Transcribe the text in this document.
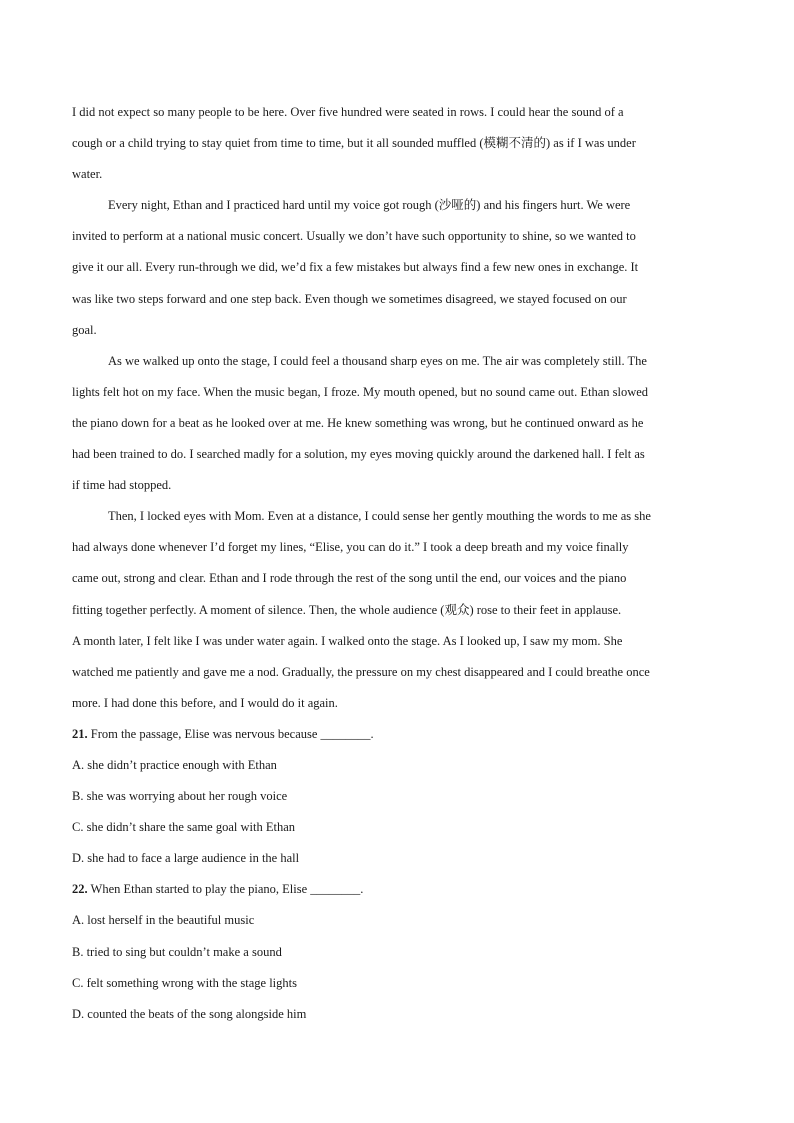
I did not expect so many people to be here. Over five hundred were seated in rows. I could hear the sound of a
cough or a child trying to stay quiet from time to time, but it all sounded muffled (模糊不清的) as if I was under
water.
Every night, Ethan and I practiced hard until my voice got rough (沙哑的) and his fingers hurt. We were
invited to perform at a national music concert. Usually we don’t have such opportunity to shine, so we wanted to
give it our all. Every run-through we did, we’d fix a few mistakes but always find a few new ones in exchange. It
was like two steps forward and one step back. Even though we sometimes disagreed, we stayed focused on our
goal.
As we walked up onto the stage, I could feel a thousand sharp eyes on me. The air was completely still. The
lights felt hot on my face. When the music began, I froze. My mouth opened, but no sound came out. Ethan slowed
the piano down for a beat as he looked over at me. He knew something was wrong, but he continued onward as he
had been trained to do. I searched madly for a solution, my eyes moving quickly around the darkened hall. I felt as
if time had stopped.
Then, I locked eyes with Mom. Even at a distance, I could sense her gently mouthing the words to me as she
had always done whenever I’d forget my lines, “Elise, you can do it.” I took a deep breath and my voice finally
came out, strong and clear. Ethan and I rode through the rest of the song until the end, our voices and the piano
fitting together perfectly. A moment of silence. Then, the whole audience (观众) rose to their feet in applause.
A month later, I felt like I was under water again. I walked onto the stage. As I looked up, I saw my mom. She
watched me patiently and gave me a nod. Gradually, the pressure on my chest disappeared and I could breathe once
more. I had done this before, and I would do it again.
21. From the passage, Elise was nervous because ________.
A. she didn’t practice enough with Ethan
B. she was worrying about her rough voice
C. she didn’t share the same goal with Ethan
D. she had to face a large audience in the hall
22. When Ethan started to play the piano, Elise ________.
A. lost herself in the beautiful music
B. tried to sing but couldn’t make a sound
C. felt something wrong with the stage lights
D. counted the beats of the song alongside him
